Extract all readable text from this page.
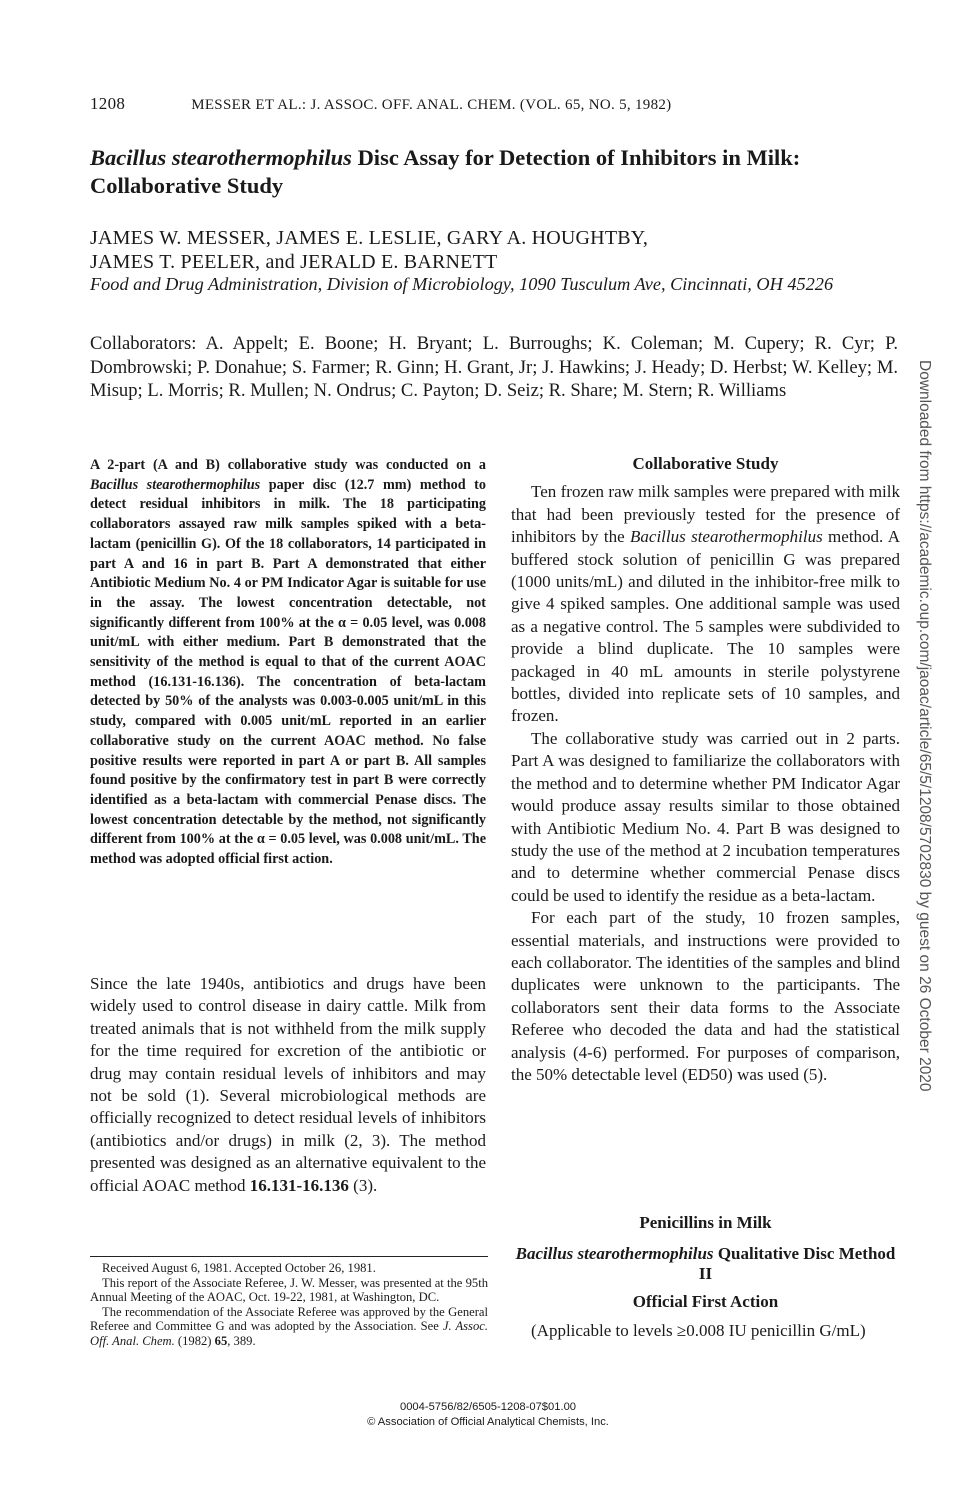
1208	MESSER ET AL.: J. ASSOC. OFF. ANAL. CHEM. (VOL. 65, NO. 5, 1982)
Bacillus stearothermophilus Disc Assay for Detection of Inhibitors in Milk: Collaborative Study
JAMES W. MESSER, JAMES E. LESLIE, GARY A. HOUGHTBY,
JAMES T. PEELER, and JERALD E. BARNETT
Food and Drug Administration, Division of Microbiology, 1090 Tusculum Ave, Cincinnati, OH 45226
Collaborators: A. Appelt; E. Boone; H. Bryant; L. Burroughs; K. Coleman; M. Cupery; R. Cyr; P. Dombrowski; P. Donahue; S. Farmer; R. Ginn; H. Grant, Jr; J. Hawkins; J. Heady; D. Herbst; W. Kelley; M. Misup; L. Morris; R. Mullen; N. Ondrus; C. Payton; D. Seiz; R. Share; M. Stern; R. Williams
A 2-part (A and B) collaborative study was conducted on a Bacillus stearothermophilus paper disc (12.7 mm) method to detect residual inhibitors in milk. The 18 participating collaborators assayed raw milk samples spiked with a beta-lactam (penicillin G). Of the 18 collaborators, 14 participated in part A and 16 in part B. Part A demonstrated that either Antibiotic Medium No. 4 or PM Indicator Agar is suitable for use in the assay. The lowest concentration detectable, not significantly different from 100% at the α = 0.05 level, was 0.008 unit/mL with either medium. Part B demonstrated that the sensitivity of the method is equal to that of the current AOAC method (16.131-16.136). The concentration of beta-lactam detected by 50% of the analysts was 0.003-0.005 unit/mL in this study, compared with 0.005 unit/mL reported in an earlier collaborative study on the current AOAC method. No false positive results were reported in part A or part B. All samples found positive by the confirmatory test in part B were correctly identified as a beta-lactam with commercial Penase discs. The lowest concentration detectable by the method, not significantly different from 100% at the α = 0.05 level, was 0.008 unit/mL. The method was adopted official first action.
Since the late 1940s, antibiotics and drugs have been widely used to control disease in dairy cattle. Milk from treated animals that is not withheld from the milk supply for the time required for excretion of the antibiotic or drug may contain residual levels of inhibitors and may not be sold (1). Several microbiological methods are officially recognized to detect residual levels of inhibitors (antibiotics and/or drugs) in milk (2, 3). The method presented was designed as an alternative equivalent to the official AOAC method 16.131-16.136 (3).

Received August 6, 1981. Accepted October 26, 1981.

This report of the Associate Referee, J. W. Messer, was presented at the 95th Annual Meeting of the AOAC, Oct. 19-22, 1981, at Washington, DC.

The recommendation of the Associate Referee was approved by the General Referee and Committee G and was adopted by the Association. See J. Assoc. Off. Anal. Chem. (1982) 65, 389.

Collaborative Study

Ten frozen raw milk samples were prepared with milk that had been previously tested for the presence of inhibitors by the Bacillus stearothermophilus method. A buffered stock solution of penicillin G was prepared (1000 units/mL) and diluted in the inhibitor-free milk to give 4 spiked samples. One additional sample was used as a negative control. The 5 samples were subdivided to provide a blind duplicate. The 10 samples were packaged in 40 mL amounts in sterile polystyrene bottles, divided into replicate sets of 10 samples, and frozen.

The collaborative study was carried out in 2 parts. Part A was designed to familiarize the collaborators with the method and to determine whether PM Indicator Agar would produce assay results similar to those obtained with Antibiotic Medium No. 4. Part B was designed to study the use of the method at 2 incubation temperatures and to determine whether commercial Penase discs could be used to identify the residue as a beta-lactam.

For each part of the study, 10 frozen samples, essential materials, and instructions were provided to each collaborator. The identities of the samples and blind duplicates were unknown to the participants. The collaborators sent their data forms to the Associate Referee who decoded the data and had the statistical analysis (4-6) performed. For purposes of comparison, the 50% detectable level (ED50) was used (5).

Penicillins in Milk

Bacillus stearothermophilus Qualitative Disc Method II

Official First Action

(Applicable to levels ≥0.008 IU penicillin G/mL)

0004-5756/82/6505-1208-07$01.00
© Association of Official Analytical Chemists, Inc.
Downloaded from https://academic.oup.com/jaoac/article/65/5/1208/5702830 by guest on 26 October 2020
